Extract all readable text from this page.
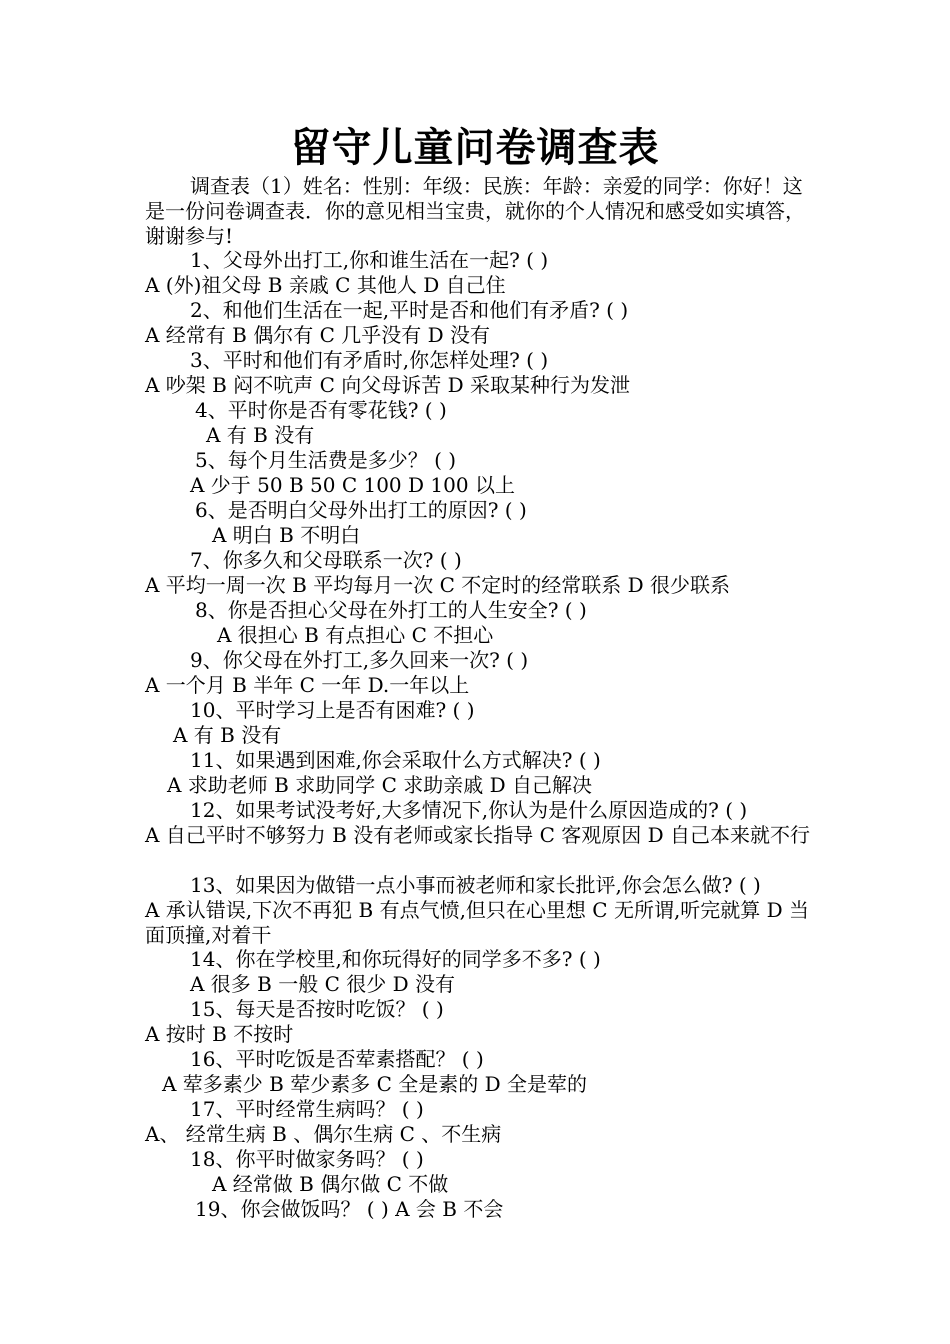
留守儿童问卷调查表

调查表（1）姓名：性别：年级：民族：年龄：亲爱的同学：你好！这是一份问卷调查表．你的意见相当宝贵，就你的个人情况和感受如实填答，谢谢参与!

1、父母外出打工,你和谁生活在一起? ( )

A (外)祖父母 B 亲戚 C 其他人 D 自己住

2、和他们生活在一起,平时是否和他们有矛盾? ( )

A 经常有 B 偶尔有 C 几乎没有 D 没有

3、平时和他们有矛盾时,你怎样处理? ( )

A 吵架 B 闷不吭声 C 向父母诉苦 D 采取某种行为发泄

4、平时你是否有零花钱? ( )

A 有 B 没有

5、每个月生活费是多少？ ( )

A 少于 50 B 50 C 100 D 100 以上

6、是否明白父母外出打工的原因? ( )

A 明白 B 不明白

7、你多久和父母联系一次? ( )

A 平均一周一次 B 平均每月一次 C 不定时的经常联系 D 很少联系

8、你是否担心父母在外打工的人生安全? ( )

A 很担心 B 有点担心 C 不担心

9、你父母在外打工,多久回来一次? ( )

A 一个月 B 半年 C 一年 D.一年以上

10、平时学习上是否有困难? ( )

A 有 B 没有

11、如果遇到困难,你会采取什么方式解决? ( )

A 求助老师 B 求助同学 C 求助亲戚 D 自己解决

12、如果考试没考好,大多情况下,你认为是什么原因造成的? ( )

A 自己平时不够努力 B 没有老师或家长指导 C 客观原因 D 自己本来就不行

13、如果因为做错一点小事而被老师和家长批评,你会怎么做? ( )

A 承认错误,下次不再犯 B 有点气愤,但只在心里想 C 无所谓,听完就算 D 当面顶撞,对着干

14、你在学校里,和你玩得好的同学多不多? ( )

A 很多 B 一般 C 很少 D 没有

15、每天是否按时吃饭？ ( )

A 按时 B 不按时

16、平时吃饭是否荤素搭配？ ( )

A 荤多素少 B 荤少素多 C 全是素的 D 全是荤的

17、平时经常生病吗？ ( )

A、 经常生病 B 、偶尔生病 C 、不生病

18、你平时做家务吗？ ( )

A 经常做 B 偶尔做 C 不做

19、你会做饭吗？ ( ) A 会 B 不会
